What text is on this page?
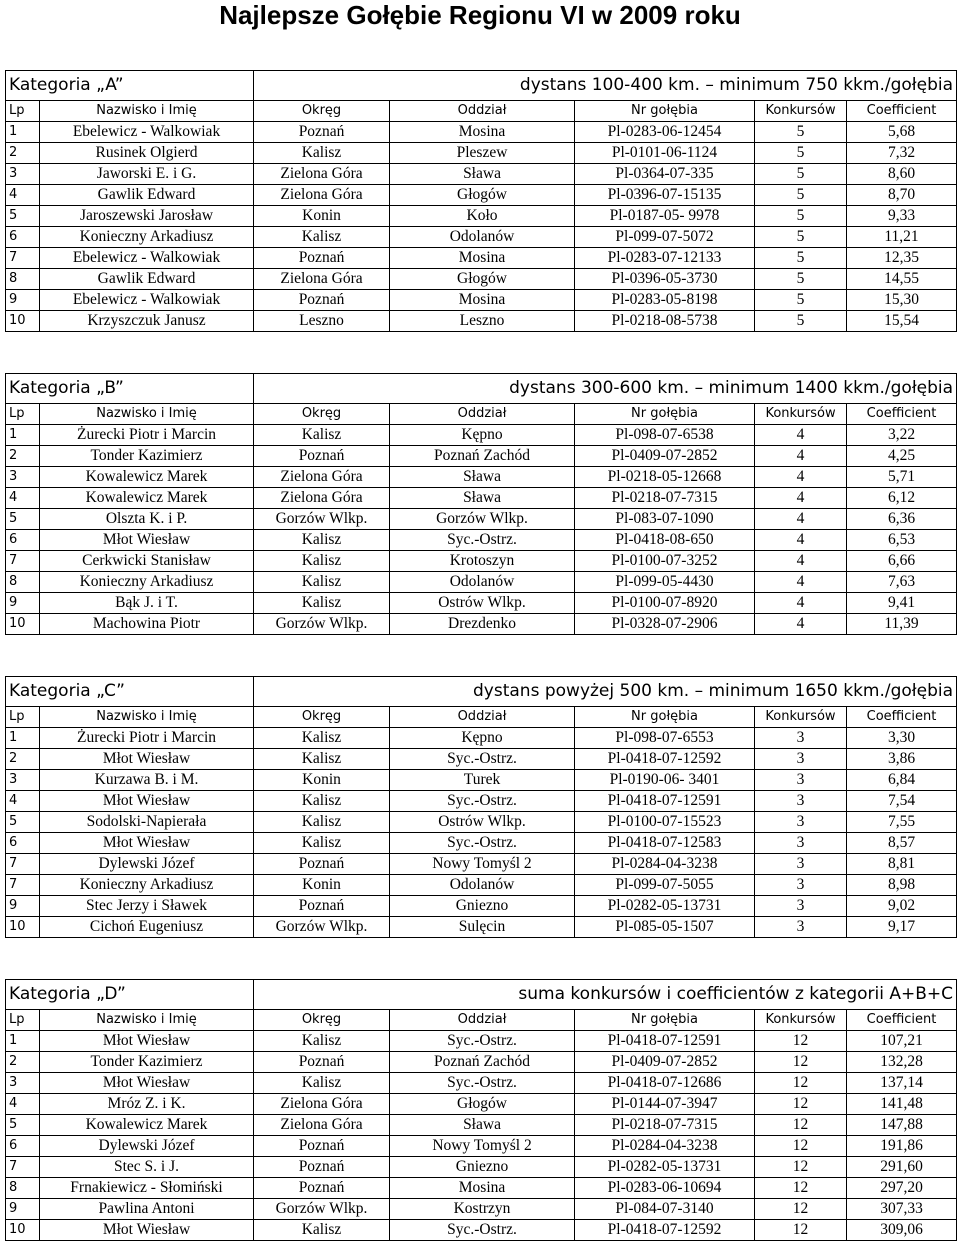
Najlepsze Gołębie Regionu VI w 2009 roku
Kategoria „A”		dystans 100-400 km. – minimum 750 kkm./gołębia				
Lp	Nazwisko i Imię	Okręg	Oddział	Nr gołębia	Konkursów	Coefficient
1	Ebelewicz - Walkowiak	Poznań	Mosina	Pl-0283-06-12454	5	5,68
2	Rusinek Olgierd	Kalisz	Pleszew	Pl-0101-06-1124	5	7,32
3	Jaworski E. i G.	Zielona Góra	Sława	Pl-0364-07-335	5	8,60
4	Gawlik Edward	Zielona Góra	Głogów	Pl-0396-07-15135	5	8,70
5	Jaroszewski Jarosław	Konin	Koło	Pl-0187-05- 9978	5	9,33
6	Konieczny Arkadiusz	Kalisz	Odolanów	Pl-099-07-5072	5	11,21
7	Ebelewicz - Walkowiak	Poznań	Mosina	Pl-0283-07-12133	5	12,35
8	Gawlik Edward	Zielona Góra	Głogów	Pl-0396-05-3730	5	14,55
9	Ebelewicz - Walkowiak	Poznań	Mosina	Pl-0283-05-8198	5	15,30
10	Krzyszczuk Janusz	Leszno	Leszno	Pl-0218-08-5738	5	15,54
Kategoria „B”		dystans 300-600 km. – minimum 1400 kkm./gołębia				
Lp	Nazwisko i Imię	Okręg	Oddział	Nr gołębia	Konkursów	Coefficient
1	Żurecki Piotr i Marcin	Kalisz	Kępno	Pl-098-07-6538	4	3,22
2	Tonder Kazimierz	Poznań	Poznań Zachód	Pl-0409-07-2852	4	4,25
3	Kowalewicz Marek	Zielona Góra	Sława	Pl-0218-05-12668	4	5,71
4	Kowalewicz Marek	Zielona Góra	Sława	Pl-0218-07-7315	4	6,12
5	Olszta K. i P.	Gorzów Wlkp.	Gorzów Wlkp.	Pl-083-07-1090	4	6,36
6	Młot Wiesław	Kalisz	Syc.-Ostrz.	Pl-0418-08-650	4	6,53
7	Cerkwicki Stanisław	Kalisz	Krotoszyn	Pl-0100-07-3252	4	6,66
8	Konieczny Arkadiusz	Kalisz	Odolanów	Pl-099-05-4430	4	7,63
9	Bąk J. i T.	Kalisz	Ostrów Wlkp.	Pl-0100-07-8920	4	9,41
10	Machowina Piotr	Gorzów Wlkp.	Drezdenko	Pl-0328-07-2906	4	11,39
Kategoria „C”		dystans powyżej 500 km. – minimum 1650 kkm./gołębia				
Lp	Nazwisko i Imię	Okręg	Oddział	Nr gołębia	Konkursów	Coefficient
1	Żurecki Piotr i Marcin	Kalisz	Kępno	Pl-098-07-6553	3	3,30
2	Młot Wiesław	Kalisz	Syc.-Ostrz.	Pl-0418-07-12592	3	3,86
3	Kurzawa B. i M.	Konin	Turek	Pl-0190-06- 3401	3	6,84
4	Młot Wiesław	Kalisz	Syc.-Ostrz.	Pl-0418-07-12591	3	7,54
5	Sodolski-Napierała	Kalisz	Ostrów Wlkp.	Pl-0100-07-15523	3	7,55
6	Młot Wiesław	Kalisz	Syc.-Ostrz.	Pl-0418-07-12583	3	8,57
7	Dylewski Józef	Poznań	Nowy Tomyśl 2	Pl-0284-04-3238	3	8,81
7	Konieczny Arkadiusz	Konin	Odolanów	Pl-099-07-5055	3	8,98
9	Stec Jerzy i Sławek	Poznań	Gniezno	Pl-0282-05-13731	3	9,02
10	Cichoń Eugeniusz	Gorzów Wlkp.	Sulęcin	Pl-085-05-1507	3	9,17
Kategoria „D”		suma konkursów i coefficientów z kategorii A+B+C				
Lp	Nazwisko i Imię	Okręg	Oddział	Nr gołębia	Konkursów	Coefficient
1	Młot Wiesław	Kalisz	Syc.-Ostrz.	Pl-0418-07-12591	12	107,21
2	Tonder Kazimierz	Poznań	Poznań Zachód	Pl-0409-07-2852	12	132,28
3	Młot Wiesław	Kalisz	Syc.-Ostrz.	Pl-0418-07-12686	12	137,14
4	Mróz Z. i K.	Zielona Góra	Głogów	Pl-0144-07-3947	12	141,48
5	Kowalewicz Marek	Zielona Góra	Sława	Pl-0218-07-7315	12	147,88
6	Dylewski Józef	Poznań	Nowy Tomyśl 2	Pl-0284-04-3238	12	191,86
7	Stec S. i J.	Poznań	Gniezno	Pl-0282-05-13731	12	291,60
8	Frnakiewicz - Słomiński	Poznań	Mosina	Pl-0283-06-10694	12	297,20
9	Pawlina Antoni	Gorzów Wlkp.	Kostrzyn	Pl-084-07-3140	12	307,33
10	Młot Wiesław	Kalisz	Syc.-Ostrz.	Pl-0418-07-12592	12	309,06
